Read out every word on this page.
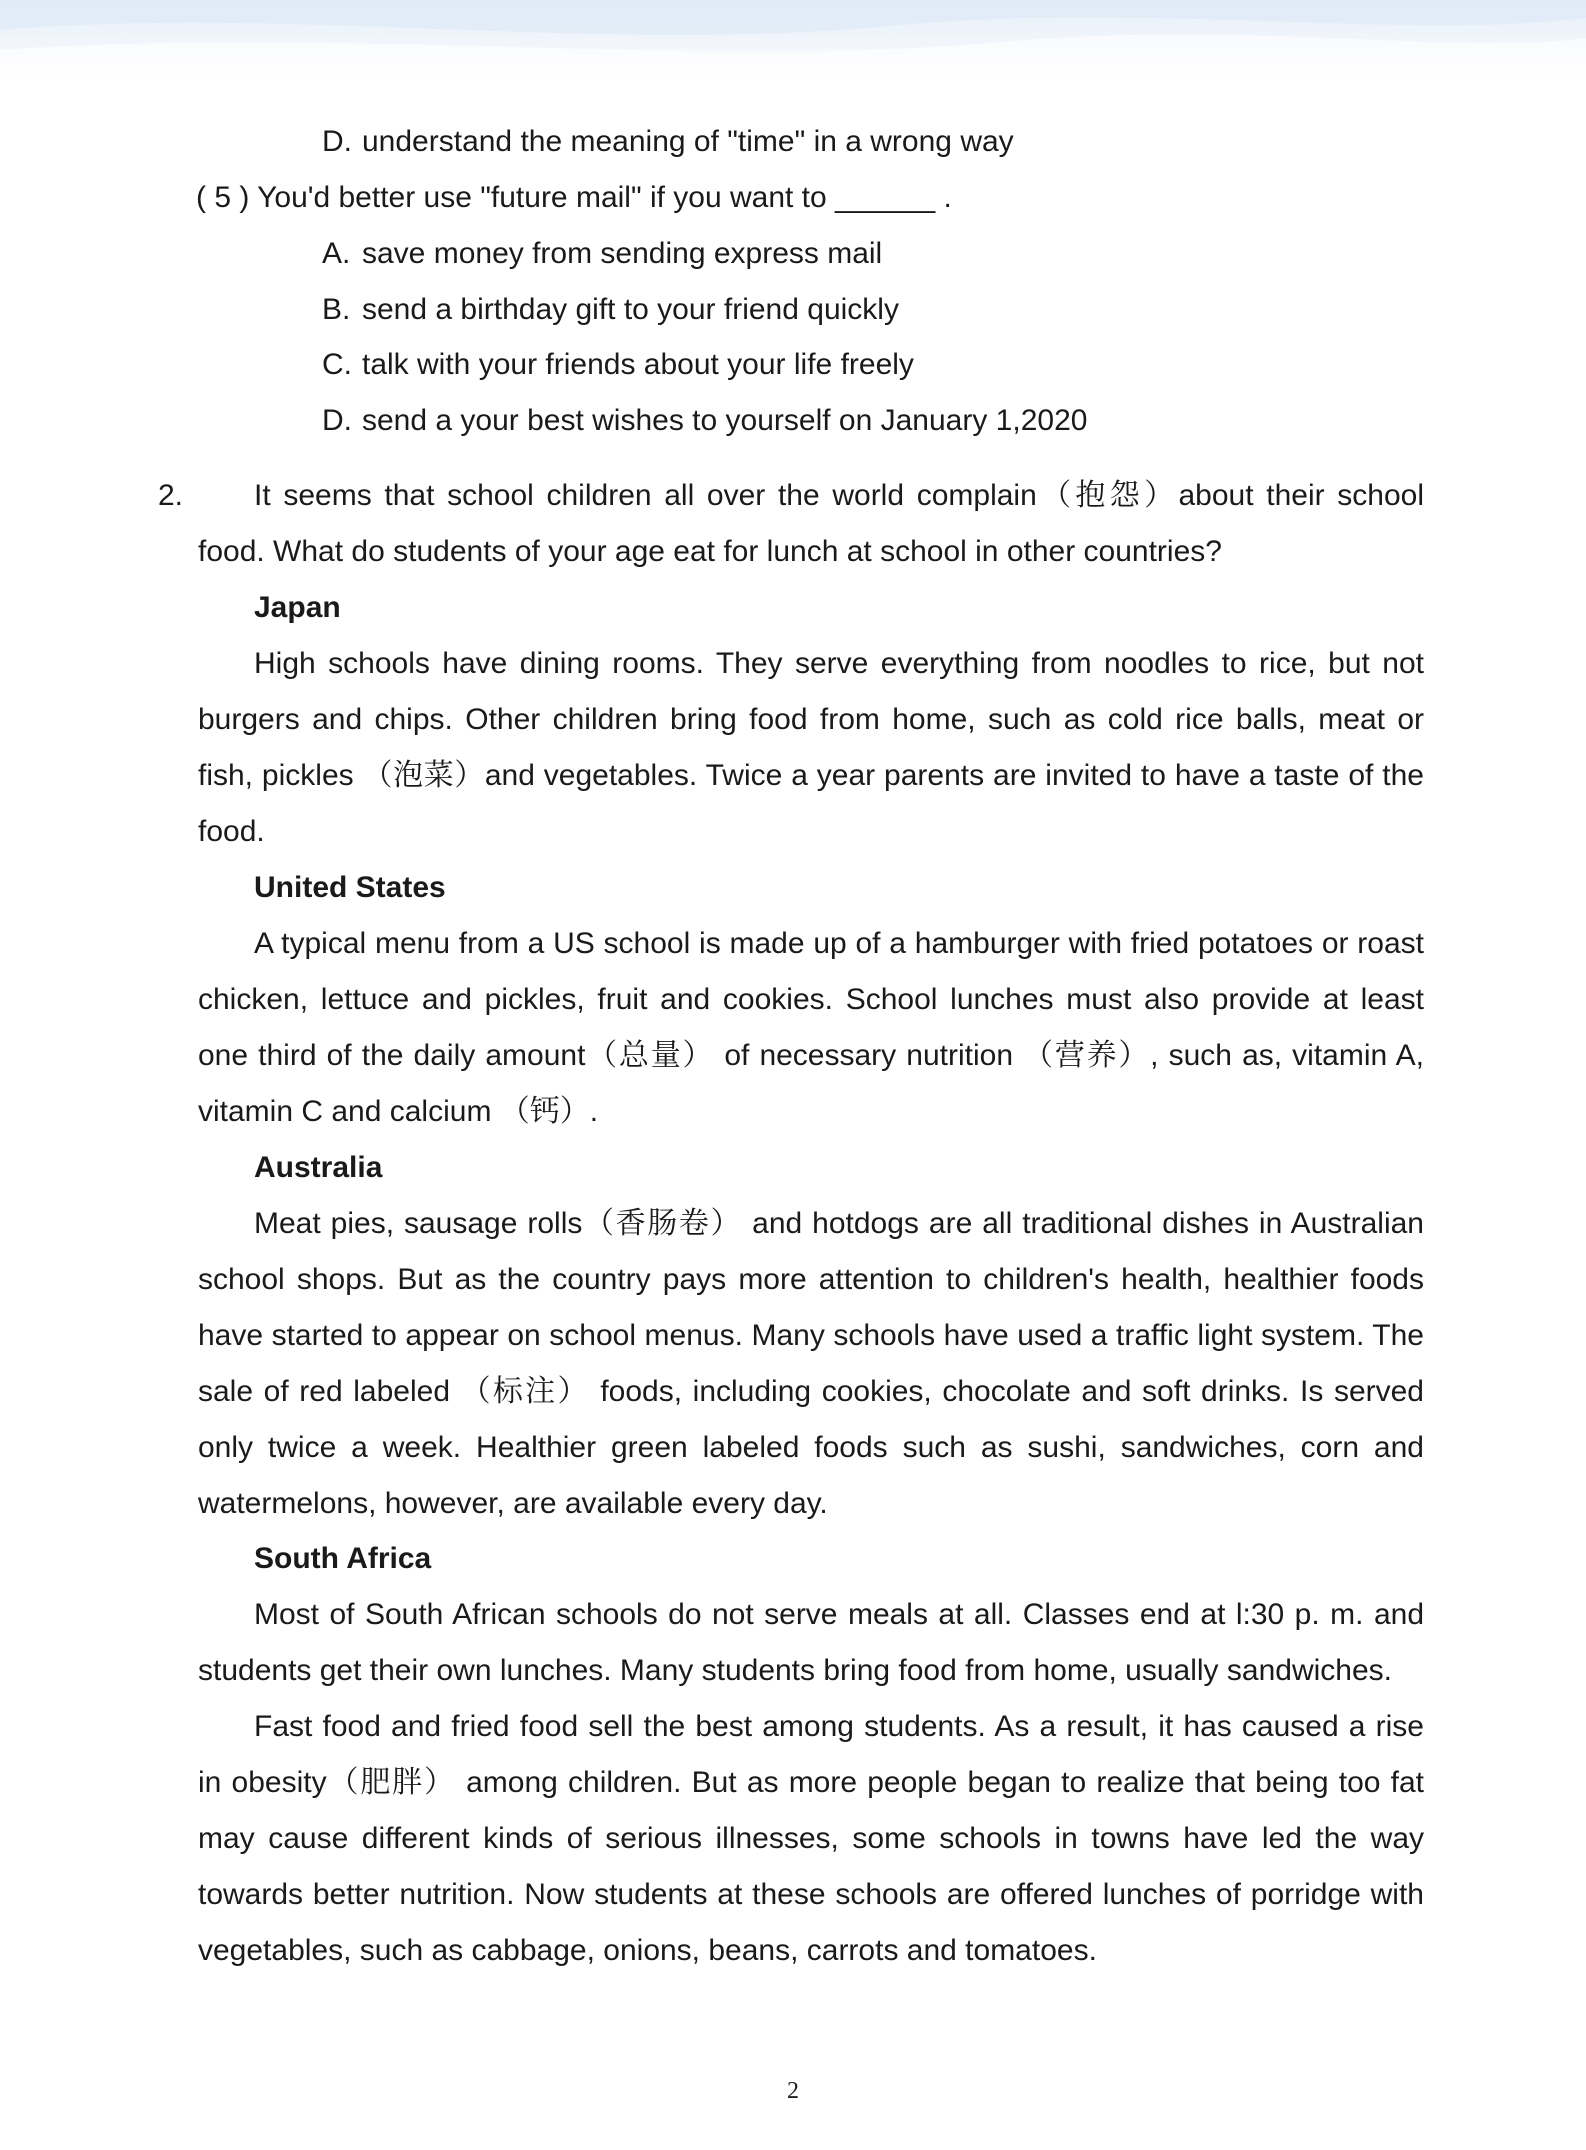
D. understand the meaning of "time" in a wrong way
( 5 ) You'd better use "future mail" if you want to ______ .
A. save money from sending express mail
B. send a birthday gift to your friend quickly
C. talk with your friends about your life freely
D. send a your best wishes to yourself on January 1,2020
2.	It seems that school children all over the world complain（抱怨）about their school food. What do students of your age eat for lunch at school in other countries?

Japan

High schools have dining rooms. They serve everything from noodles to rice, but not burgers and chips. Other children bring food from home, such as cold rice balls, meat or fish, pickles （泡菜）and vegetables. Twice a year parents are invited to have a taste of the food.

United States

A typical menu from a US school is made up of a hamburger with fried potatoes or roast chicken, lettuce and pickles, fruit and cookies. School lunches must also provide at least one third of the daily amount（总量） of necessary nutrition （营养）, such as, vitamin A, vitamin C and calcium （钙）.

Australia

Meat pies, sausage rolls（香肠卷） and hotdogs are all traditional dishes in Australian school shops. But as the country pays more attention to children's health, healthier foods have started to appear on school menus. Many schools have used a traffic light system. The sale of red labeled （标注） foods, including cookies, chocolate and soft drinks. Is served only twice a week. Healthier green labeled foods such as sushi, sandwiches, corn and watermelons, however, are available every day.

South Africa

Most of South African schools do not serve meals at all. Classes end at l:30 p. m. and students get their own lunches. Many students bring food from home, usually sandwiches.

Fast food and fried food sell the best among students. As a result, it has caused a rise in obesity（肥胖） among children. But as more people began to realize that being too fat may cause different kinds of serious illnesses, some schools in towns have led the way towards better nutrition. Now students at these schools are offered lunches of porridge with vegetables, such as cabbage, onions, beans, carrots and tomatoes.

2
